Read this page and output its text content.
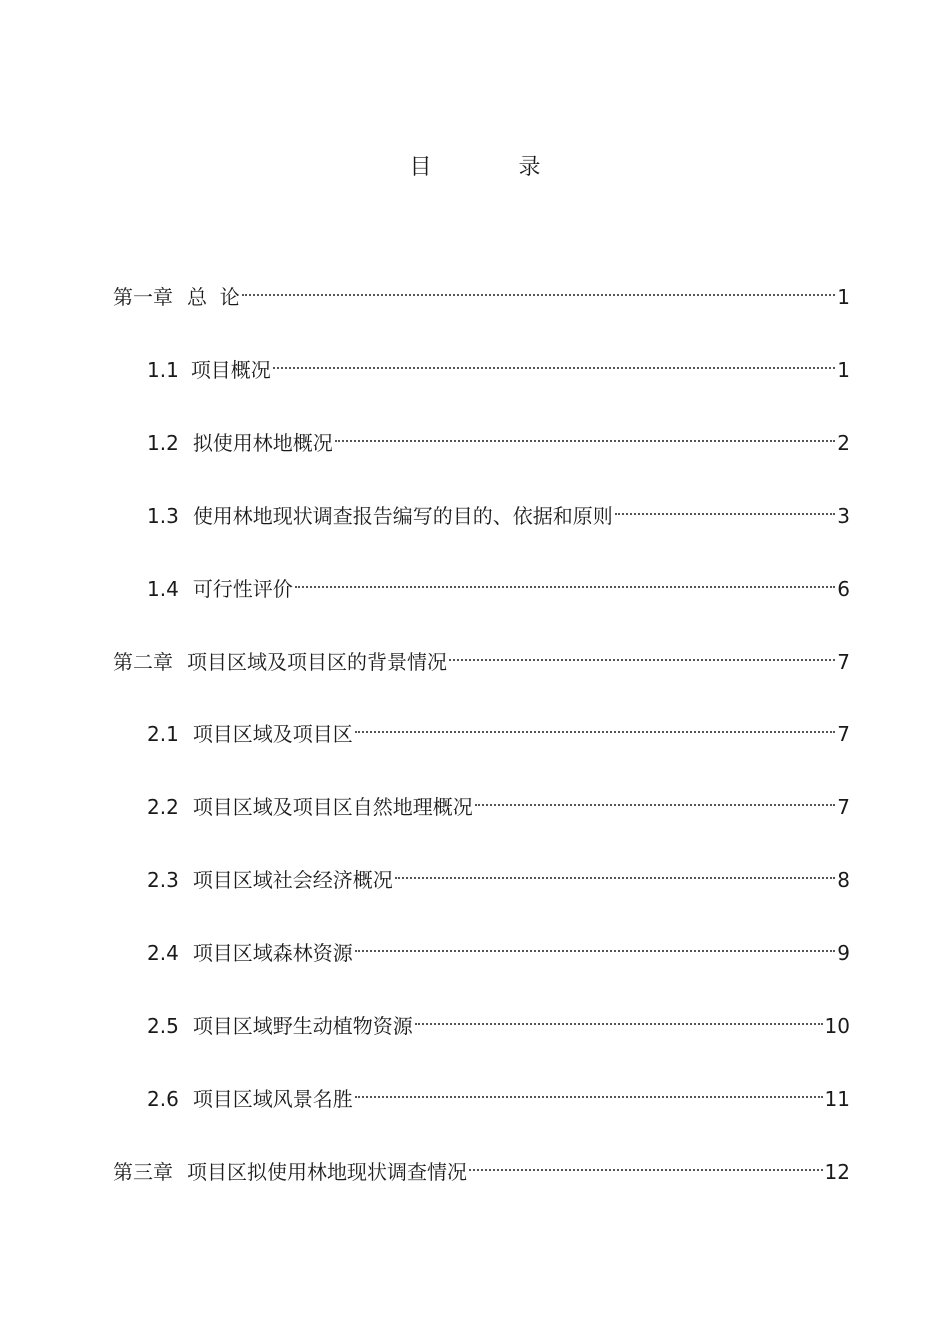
目 录
第一章 总  论	1
1.1 项目概况	1
1.2 拟使用林地概况	2
1.3 使用林地现状调查报告编写的目的、依据和原则	3
1.4 可行性评价	6
第二章 项目区域及项目区的背景情况	7
2.1 项目区域及项目区	7
2.2 项目区域及项目区自然地理概况	7
2.3 项目区域社会经济概况	8
2.4 项目区域森林资源	9
2.5 项目区域野生动植物资源	10
2.6 项目区域风景名胜	11
第三章 项目区拟使用林地现状调查情况	12
